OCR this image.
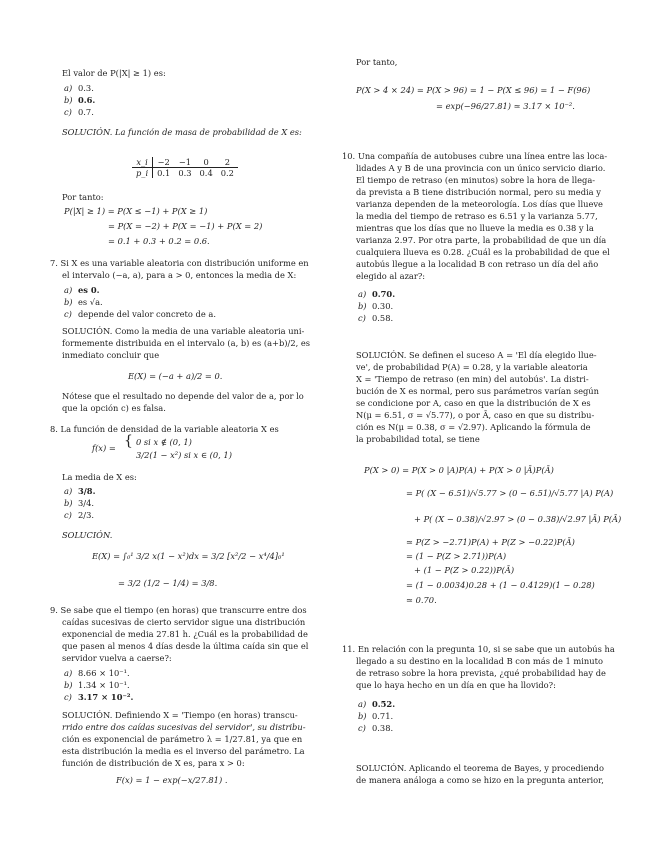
El valor de P(|X| ≥ 1) es:
a) 0.3.
b) 0.6.
c) 0.7.
SOLUCIÓN. La función de masa de probabilidad de X es:
x_i	−2	−1	0	2
p_i	0.1	0.3	0.4	0.2
Por tanto:
P(|X| ≥ 1) = P(X ≤ −1) + P(X ≥ 1)
= P(X = −2) + P(X = −1) + P(X = 2)
= 0.1 + 0.3 + 0.2 = 0.6.
7. Si X es una variable aleatoria con distribución uniforme en
el intervalo (−a, a), para a > 0, entonces la media de X:
a) es 0.
b) es √a.
c) depende del valor concreto de a.
SOLUCIÓN. Como la media de una variable aleatoria uni-
formemente distribuida en el intervalo (a, b) es (a+b)/2, es
inmediato concluir que
E(X) = (−a + a)/2 = 0.
Nótese que el resultado no depende del valor de a, por lo
que la opción c) es falsa.
8. La función de densidad de la variable aleatoria X es
f(x) = { 0 si x ∉ (0, 1)
3/2(1 − x²) si x ∈ (0, 1)
La media de X es:
a) 3/8.
b) 3/4.
c) 2/3.
SOLUCIÓN.
E(X) = ∫₀¹ 3/2 x(1 − x²)dx = 3/2 [x²/2 − x⁴/4]₀¹
= 3/2 (1/2 − 1/4) = 3/8.
9. Se sabe que el tiempo (en horas) que transcurre entre dos
caídas sucesivas de cierto servidor sigue una distribución
exponencial de media 27.81 h. ¿Cuál es la probabilidad de
que pasen al menos 4 días desde la última caída sin que el
servidor vuelva a caerse?:
a) 8.66 × 10⁻¹.
b) 1.34 × 10⁻¹.
c) 3.17 × 10⁻².
SOLUCIÓN. Definiendo X = 'Tiempo (en horas) transcu-
rrido entre dos caídas sucesivas del servidor', su distribu-
ción es exponencial de parámetro λ = 1/27.81, ya que en
esta distribución la media es el inverso del parámetro. La
función de distribución de X es, para x > 0:
F(x) = 1 − exp(−x/27.81) .
Por tanto,
P(X > 4 × 24) = P(X > 96) = 1 − P(X ≤ 96) = 1 − F(96)
= exp(−96/27.81) ≃ 3.17 × 10⁻².
10. Una compañía de autobuses cubre una línea entre las loca-
lidades A y B de una provincia con un único servicio diario.
El tiempo de retraso (en minutos) sobre la hora de llega-
da prevista a B tiene distribución normal, pero su media y
varianza dependen de la meteorología. Los días que llueve
la media del tiempo de retraso es 6.51 y la varianza 5.77,
mientras que los días que no llueve la media es 0.38 y la
varianza 2.97. Por otra parte, la probabilidad de que un día
cualquiera llueva es 0.28. ¿Cuál es la probabilidad de que el
autobús llegue a la localidad B con retraso un día del año
elegido al azar?:
a) 0.70.
b) 0.30.
c) 0.58.
SOLUCIÓN. Se definen el suceso A = 'El día elegido llue-
ve', de probabilidad P(A) = 0.28, y la variable aleatoria
X = 'Tiempo de retraso (en min) del autobús'. La distri-
bución de X es normal, pero sus parámetros varían según
se condicione por A, caso en que la distribución de X es
N(μ = 6.51, σ = √5.77), o por Ā, caso en que su distribu-
ción es N(μ = 0.38, σ = √2.97). Aplicando la fórmula de
la probabilidad total, se tiene
P(X > 0) = P(X > 0 |A)P(A) + P(X > 0 |Ā)P(Ā)
= P( (X − 6.51)/√5.77 > (0 − 6.51)/√5.77 |A) P(A)
+ P( (X − 0.38)/√2.97 > (0 − 0.38)/√2.97 |Ā) P(Ā)
≃ P(Z > −2.71)P(A) + P(Z > −0.22)P(Ā)
= (1 − P(Z > 2.71))P(A)
+ (1 − P(Z > 0.22))P(Ā)
= (1 − 0.0034)0.28 + (1 − 0.4129)(1 − 0.28)
≃ 0.70.
11. En relación con la pregunta 10, si se sabe que un autobús ha
llegado a su destino en la localidad B con más de 1 minuto
de retraso sobre la hora prevista, ¿qué probabilidad hay de
que lo haya hecho en un día en que ha llovido?:
a) 0.52.
b) 0.71.
c) 0.38.
SOLUCIÓN. Aplicando el teorema de Bayes, y procediendo
de manera análoga a como se hizo en la pregunta anterior,
